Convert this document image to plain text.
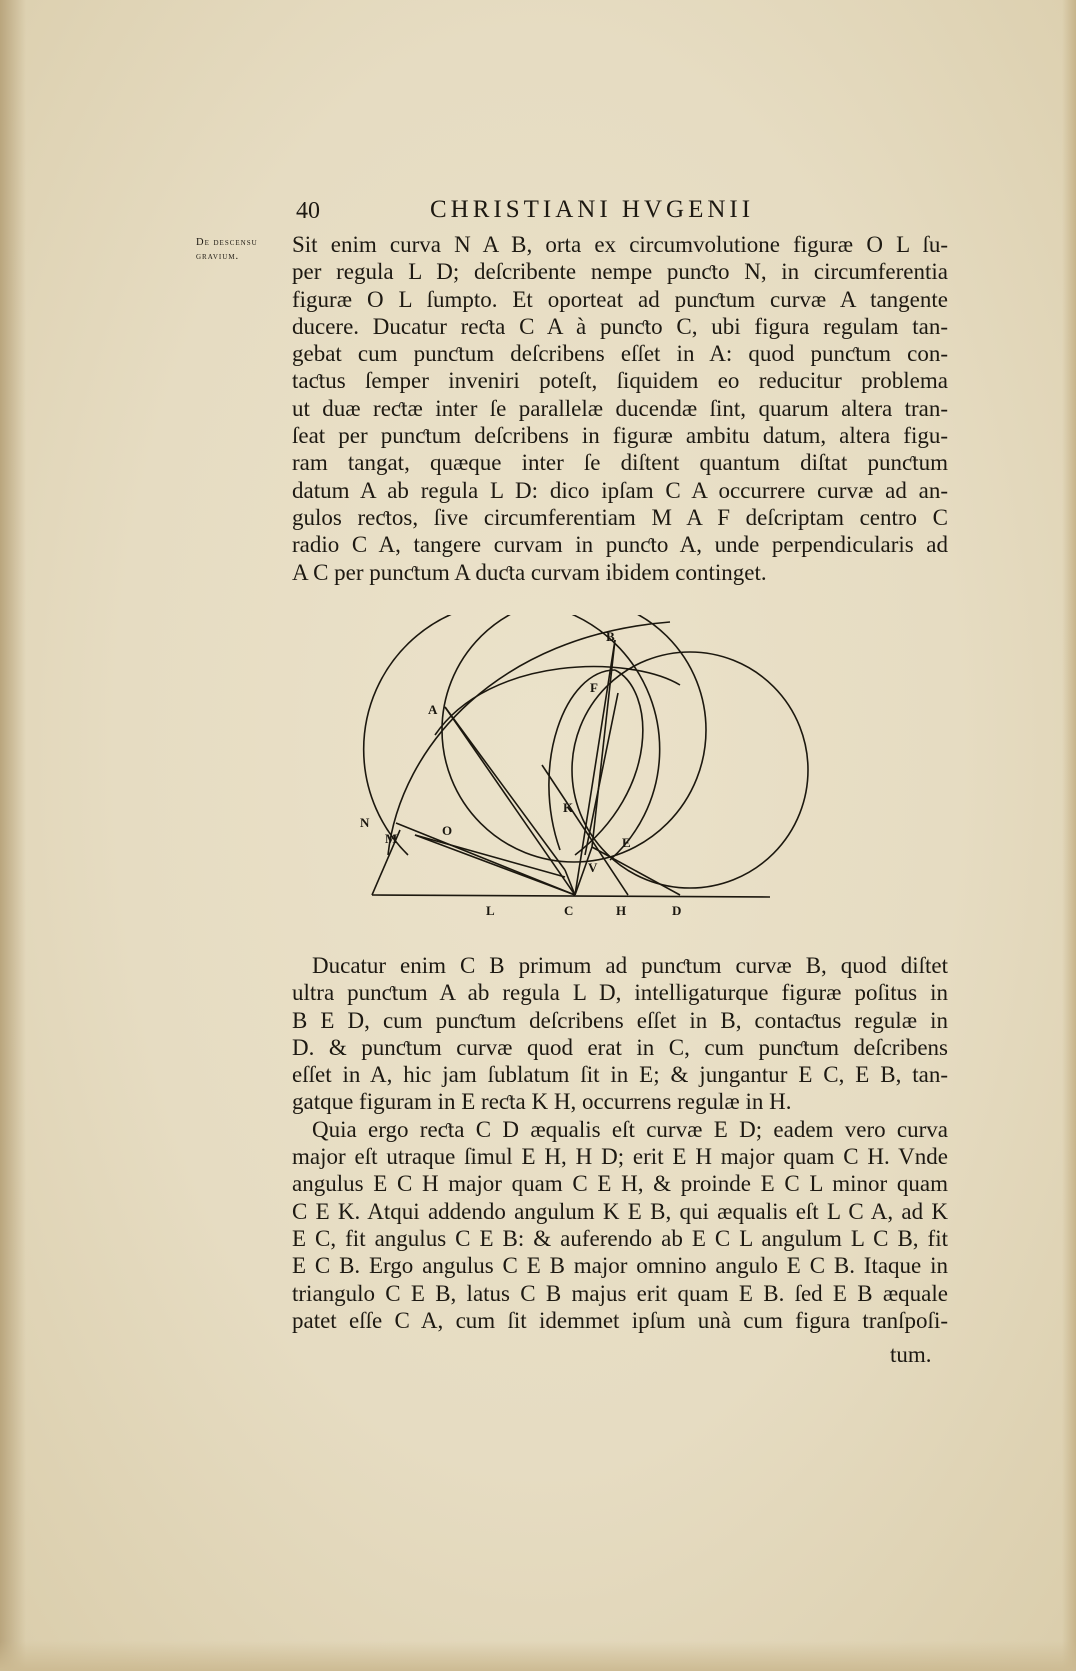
40	CHRISTIANI HVGENII
De descensu
gravium.	Sit enim curva N A B, orta ex circumvolutione figuræ O L ſu-
per regula L D; deſcribente nempe punƈto N, in circumferentia
figuræ O L ſumpto. Et oporteat ad punƈtum curvæ A tangente
ducere. Ducatur reƈta C A à punƈto C, ubi figura regulam tan-
gebat cum punƈtum deſcribens eſſet in A: quod punƈtum con-
taƈtus ſemper inveniri poteſt, ſiquidem eo reducitur problema
ut duæ reƈtæ inter ſe parallelæ ducendæ ſint, quarum altera tran-
ſeat per punƈtum deſcribens in figuræ ambitu datum, altera figu-
ram tangat, quæque inter ſe diſtent quantum diſtat punƈtum
datum A ab regula L D: dico ipſam C A occurrere curvæ ad an-
gulos reƈtos, ſive circumferentiam M A F deſcriptam centro C
radio C A, tangere curvam in punƈto A, unde perpendicularis ad
A C per punƈtum A duƈta curvam ibidem continget.
B
F
A
K
N
O
M	E
V
L	C	H	D
Ducatur enim C B primum ad punƈtum curvæ B, quod diſtet
ultra punƈtum A ab regula L D, intelligaturque figuræ poſitus in
B E D, cum punƈtum deſcribens eſſet in B, contaƈtus regulæ in
D. & punƈtum curvæ quod erat in C, cum punƈtum deſcribens
eſſet in A, hic jam ſublatum ſit in E; & jungantur E C, E B, tan-
gatque figuram in E reƈta K H, occurrens regulæ in H.
Quia ergo reƈta C D æqualis eſt curvæ E D; eadem vero curva
major eſt utraque ſimul E H, H D; erit E H major quam C H. Vnde
angulus E C H major quam C E H, & proinde E C L minor quam
C E K. Atqui addendo angulum K E B, qui æqualis eſt L C A, ad K
E C, fit angulus C E B: & auferendo ab E C L angulum L C B, fit
E C B. Ergo angulus C E B major omnino angulo E C B. Itaque in
triangulo C E B, latus C B majus erit quam E B. ſed E B æquale
patet eſſe C A, cum ſit idemmet ipſum unà cum figura tranſpoſi-
tum.
